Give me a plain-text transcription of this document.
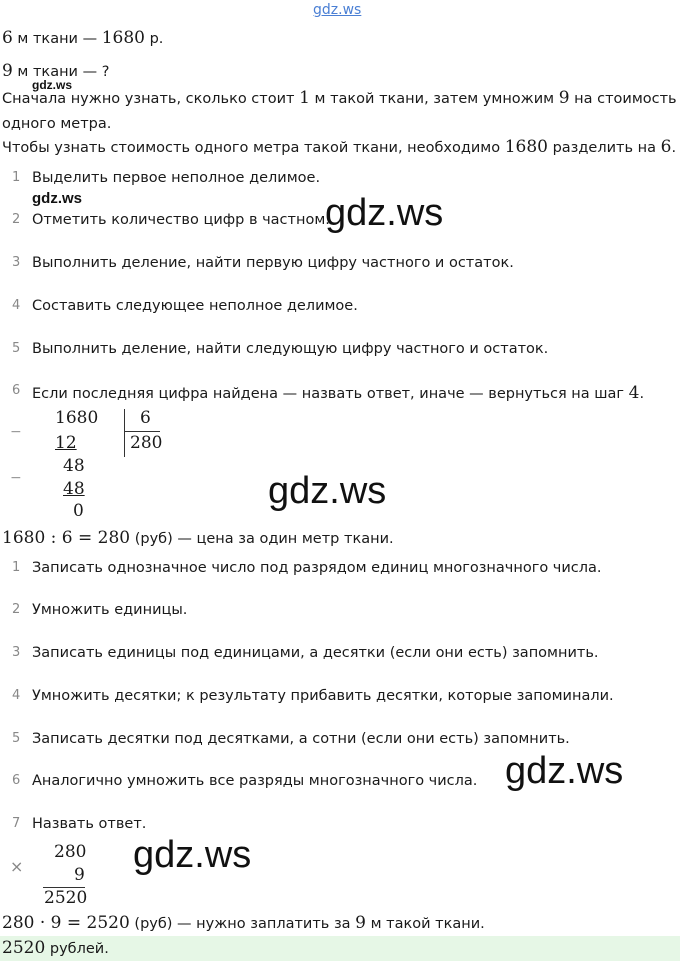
gdz.ws
6 м ткани — 1680 р.
9 м ткани — ?
gdz.ws
Сначала нужно узнать, сколько стоит 1 м такой ткани, затем умножим 9 на стоимость
одного метра.
Чтобы узнать стоимость одного метра такой ткани, необходимо 1680 разделить на 6.
1 Выделить первое неполное делимое.
gdz.ws
2 Отметить количество цифр в частном.
gdz.ws
3 Выполнить деление, найти первую цифру частного и остаток.
4 Составить следующее неполное делимое.
5 Выполнить деление, найти следующую цифру частного и остаток.
6 Если последняя цифра найдена — назвать ответ, иначе — вернуться на шаг 4.
−
1680
12
6
280
48
−
48
0	gdz.ws
1680 : 6 = 280 (руб) — цена за один метр ткани.
1 Записать однозначное число под разрядом единиц многозначного числа.
2 Умножить единицы.
3 Записать единицы под единицами, а десятки (если они есть) запомнить.
4 Умножить десятки; к результату прибавить десятки, которые запоминали.
5 Записать десятки под десятками, а сотни (если они есть) запомнить.
gdz.ws
6 Аналогично умножить все разряды многозначного числа.
7 Назвать ответ.
gdz.ws
×
280
9
2520
280 · 9 = 2520 (руб) — нужно заплатить за 9 м такой ткани.
2520 рублей.
